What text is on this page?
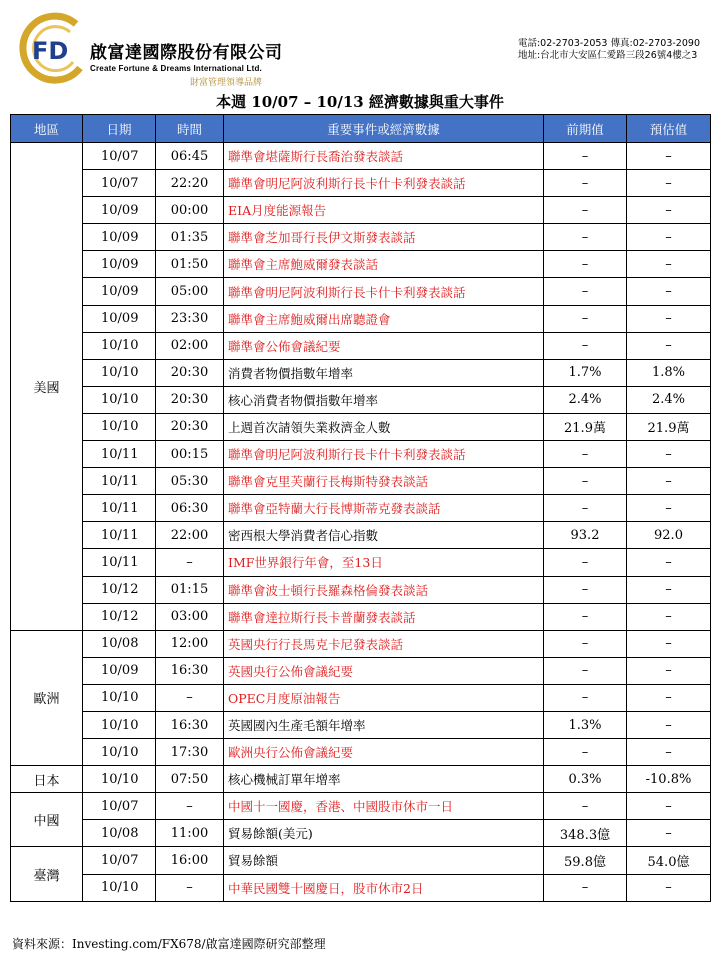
FD 啟富達國際股份有限公司
Create Fortune & Dreams International Ltd.
財富管理領導品牌
電話:02-2703-2053 傳真:02-2703-2090
地址:台北市大安區仁愛路三段26號4樓之3
本週 10/07 – 10/13 經濟數據與重大事件
地區	日期	時間	重要事件或經濟數據	前期值	預估值
美國	10/07	06:45	聯準會堪薩斯行長喬治發表談話	–	–
	10/07	22:20	聯準會明尼阿波利斯行長卡什卡利發表談話	–	–
	10/09	00:00	EIA月度能源報告	–	–
	10/09	01:35	聯準會芝加哥行長伊文斯發表談話	–	–
	10/09	01:50	聯準會主席鮑威爾發表談話	–	–
	10/09	05:00	聯準會明尼阿波利斯行長卡什卡利發表談話	–	–
	10/09	23:30	聯準會主席鮑威爾出席聽證會	–	–
	10/10	02:00	聯準會公佈會議紀要	–	–
	10/10	20:30	消費者物價指數年增率	1.7%	1.8%
	10/10	20:30	核心消費者物價指數年增率	2.4%	2.4%
	10/10	20:30	上週首次請領失業救濟金人數	21.9萬	21.9萬
	10/11	00:15	聯準會明尼阿波利斯行長卡什卡利發表談話	–	–
	10/11	05:30	聯準會克里芙蘭行長梅斯特發表談話	–	–
	10/11	06:30	聯準會亞特蘭大行長博斯蒂克發表談話	–	–
	10/11	22:00	密西根大學消費者信心指數	93.2	92.0
	10/11	–	IMF世界銀行年會，至13日	–	–
	10/12	01:15	聯準會波士頓行長羅森格倫發表談話	–	–
	10/12	03:00	聯準會達拉斯行長卡普蘭發表談話	–	–
歐洲	10/08	12:00	英國央行行長馬克卡尼發表談話	–	–
	10/09	16:30	英國央行公佈會議紀要	–	–
	10/10	–	OPEC月度原油報告	–	–
	10/10	16:30	英國國內生產毛額年增率	1.3%	–
	10/10	17:30	歐洲央行公佈會議紀要	–	–
日本	10/10	07:50	核心機械訂單年增率	0.3%	-10.8%
中國	10/07	–	中國十一國慶，香港、中國股市休市一日	–	–
	10/08	11:00	貿易餘額(美元)	348.3億	–
臺灣	10/07	16:00	貿易餘額	59.8億	54.0億
	10/10	–	中華民國雙十國慶日，股市休市2日	–	–
資料來源：Investing.com/FX678/啟富達國際研究部整理
